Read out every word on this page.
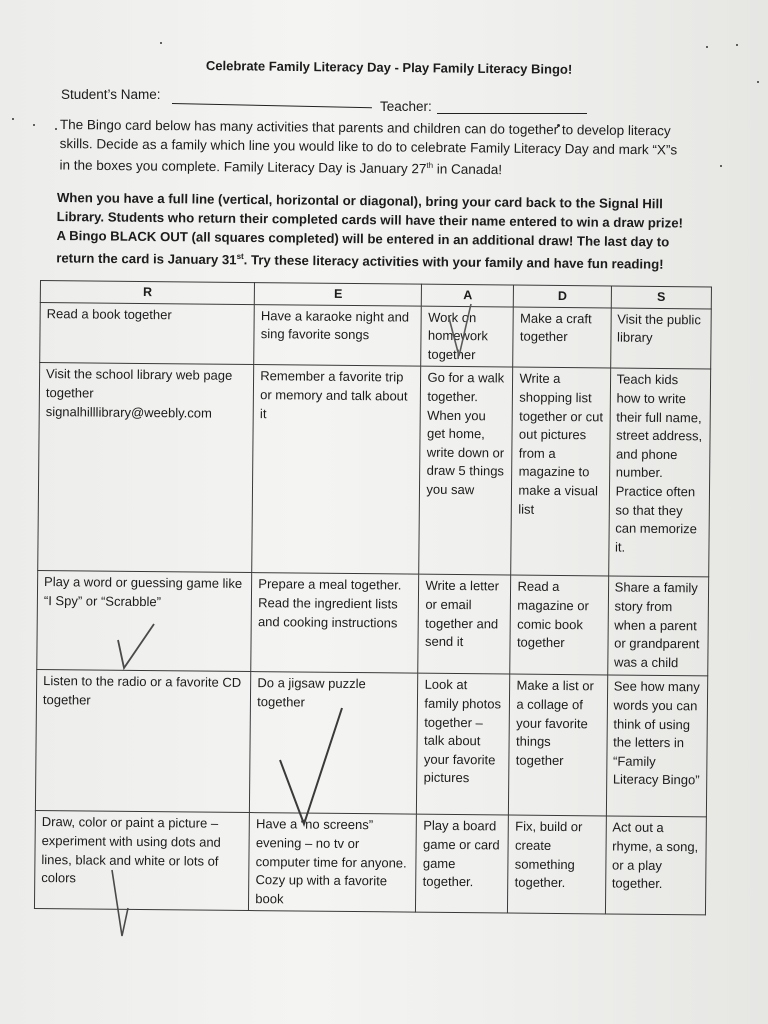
Celebrate Family Literacy Day - Play Family Literacy Bingo!
Student’s Name:
Teacher:
The Bingo card below has many activities that parents and children can do together to develop literacy
skills. Decide as a family which line you would like to do to celebrate Family Literacy Day and mark “X”s
in the boxes you complete. Family Literacy Day is January 27th in Canada!
When you have a full line (vertical, horizontal or diagonal), bring your card back to the Signal Hill
Library. Students who return their completed cards will have their name entered to win a draw prize!
A Bingo BLACK OUT (all squares completed) will be entered in an additional draw! The last day to
return the card is January 31st. Try these literacy activities with your family and have fun reading!
R	E	A	D	S

Read a book together	Have a karaoke night and sing favorite songs	Work on homework together	Make a craft together	Visit the public library

Visit the school library web page together signalhilllibrary@weebly.com	Remember a favorite trip or memory and talk about it	Go for a walk together. When you get home, write down or draw 5 things you saw	Write a shopping list together or cut out pictures from a magazine to make a visual list	Teach kids how to write their full name, street address, and phone number. Practice often so that they can memorize it.

Play a word or guessing game like “I Spy” or “Scrabble”	Prepare a meal together. Read the ingredient lists and cooking instructions	Write a letter or email together and send it	Read a magazine or comic book together	Share a family story from when a parent or grandparent was a child

Listen to the radio or a favorite CD together	Do a jigsaw puzzle together	Look at family photos together – talk about your favorite pictures	Make a list or a collage of your favorite things together	See how many words you can think of using the letters in “Family Literacy Bingo”

Draw, color or paint a picture – experiment with using dots and lines, black and white or lots of colors	Have a “no screens” evening – no tv or computer time for anyone. Cozy up with a favorite book	Play a board game or card game together.	Fix, build or create something together.	Act out a rhyme, a song, or a play together.
